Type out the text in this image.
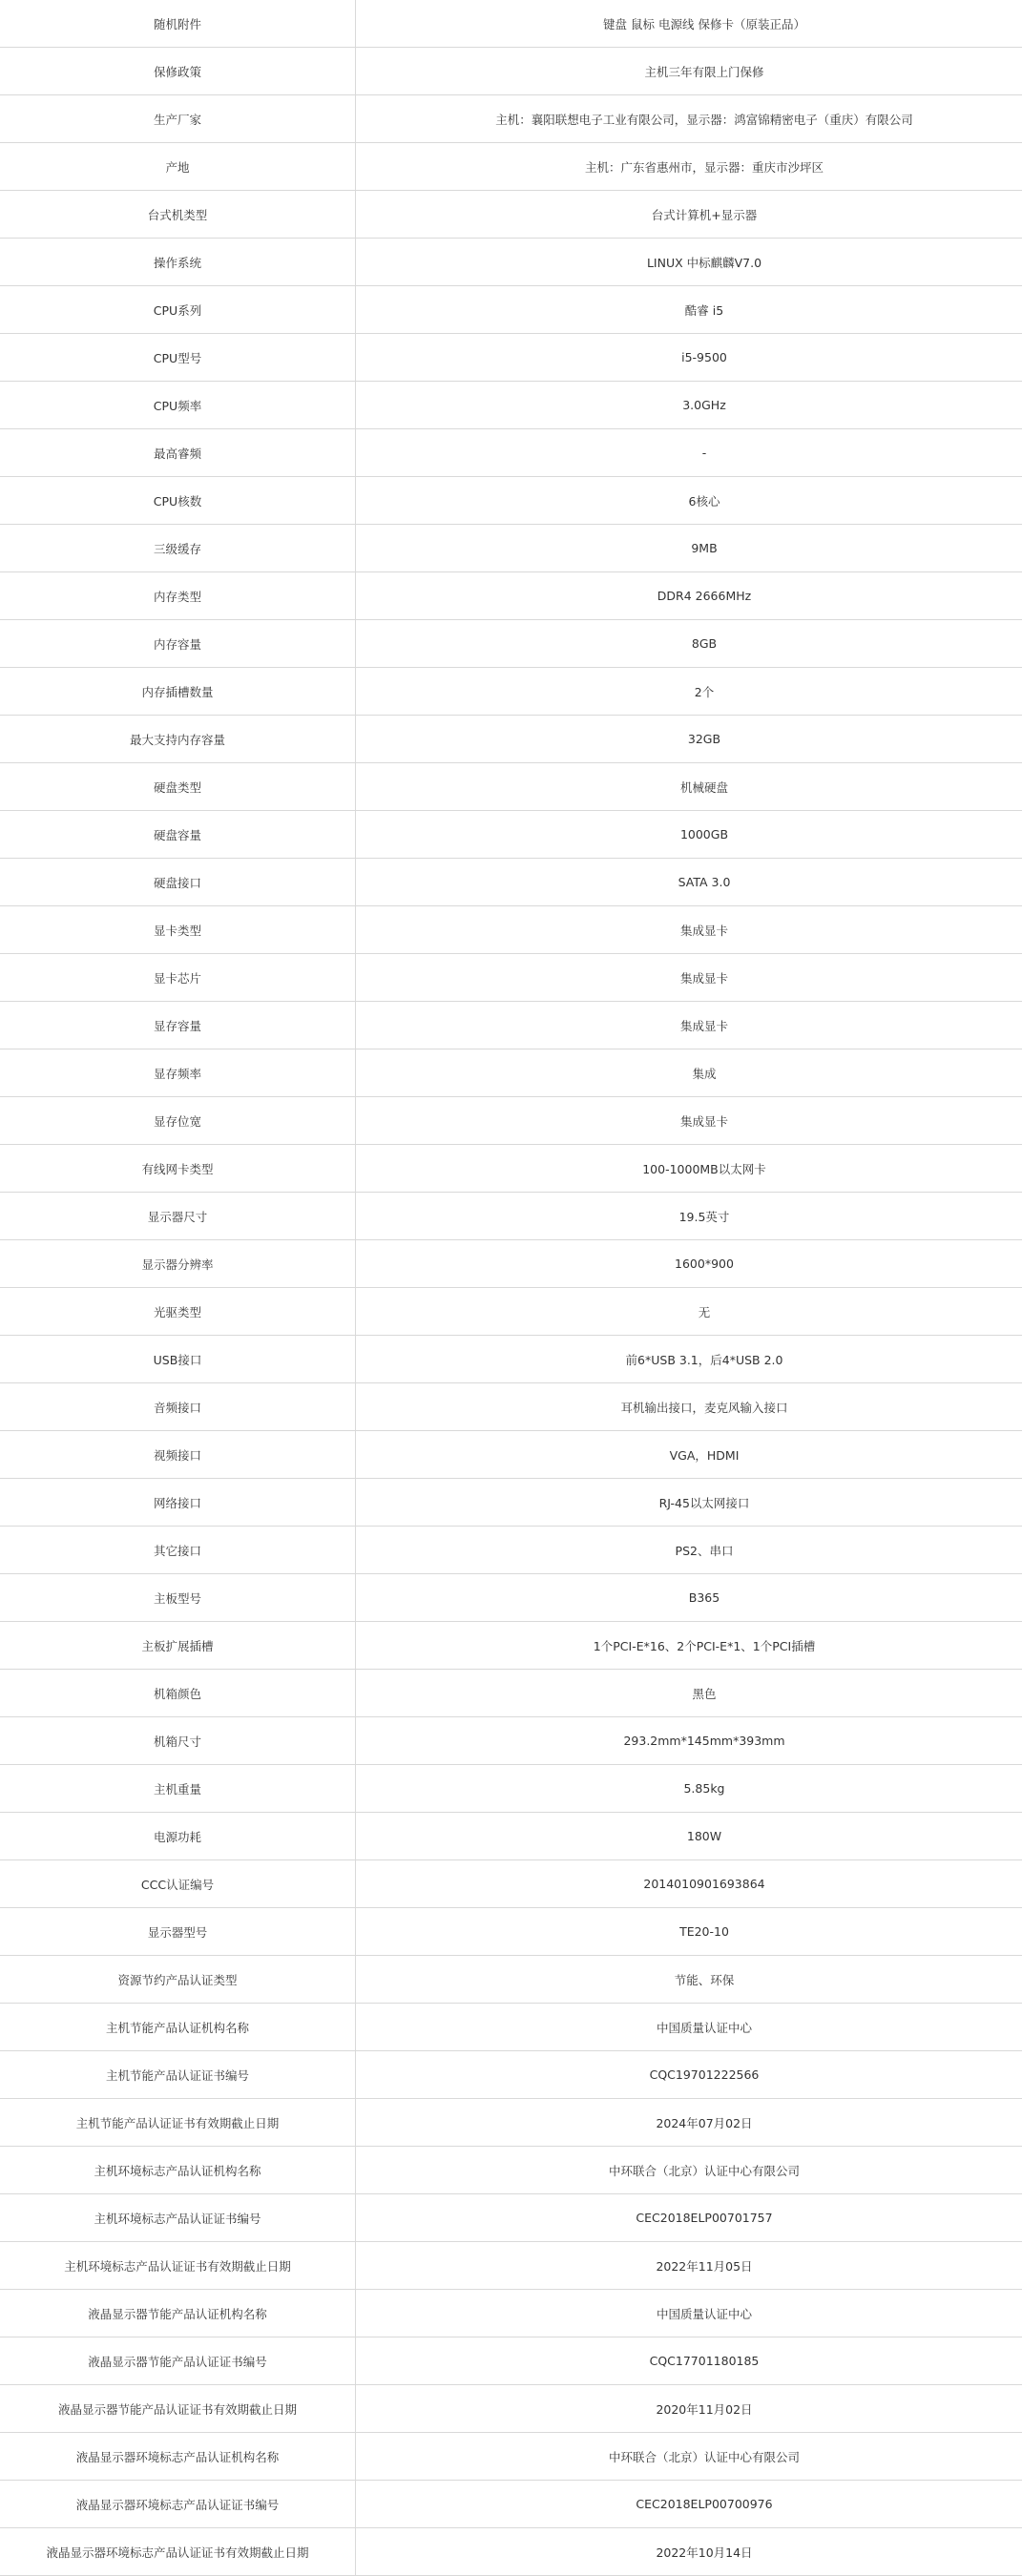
随机附件	键盘 鼠标 电源线 保修卡（原装正品）
保修政策	主机三年有限上门保修
生产厂家	主机：襄阳联想电子工业有限公司，显示器：鸿富锦精密电子（重庆）有限公司
产地	主机：广东省惠州市，显示器：重庆市沙坪区
台式机类型	台式计算机+显示器
操作系统	LINUX 中标麒麟V7.0
CPU系列	酷睿 i5
CPU型号	i5-9500
CPU频率	3.0GHz
最高睿频	-
CPU核数	6核心
三级缓存	9MB
内存类型	DDR4 2666MHz
内存容量	8GB
内存插槽数量	2个
最大支持内存容量	32GB
硬盘类型	机械硬盘
硬盘容量	1000GB
硬盘接口	SATA 3.0
显卡类型	集成显卡
显卡芯片	集成显卡
显存容量	集成显卡
显存频率	集成
显存位宽	集成显卡
有线网卡类型	100-1000MB以太网卡
显示器尺寸	19.5英寸
显示器分辨率	1600*900
光驱类型	无
USB接口	前6*USB 3.1，后4*USB 2.0
音频接口	耳机输出接口，麦克风输入接口
视频接口	VGA，HDMI
网络接口	RJ-45以太网接口
其它接口	PS2、串口
主板型号	B365
主板扩展插槽	1个PCI-E*16、2个PCI-E*1、1个PCI插槽
机箱颜色	黑色
机箱尺寸	293.2mm*145mm*393mm
主机重量	5.85kg
电源功耗	180W
CCC认证编号	2014010901693864
显示器型号	TE20-10
资源节约产品认证类型	节能、环保
主机节能产品认证机构名称	中国质量认证中心
主机节能产品认证证书编号	CQC19701222566
主机节能产品认证证书有效期截止日期	2024年07月02日
主机环境标志产品认证机构名称	中环联合（北京）认证中心有限公司
主机环境标志产品认证证书编号	CEC2018ELP00701757
主机环境标志产品认证证书有效期截止日期	2022年11月05日
液晶显示器节能产品认证机构名称	中国质量认证中心
液晶显示器节能产品认证证书编号	CQC17701180185
液晶显示器节能产品认证证书有效期截止日期	2020年11月02日
液晶显示器环境标志产品认证机构名称	中环联合（北京）认证中心有限公司
液晶显示器环境标志产品认证证书编号	CEC2018ELP00700976
液晶显示器环境标志产品认证证书有效期截止日期	2022年10月14日
